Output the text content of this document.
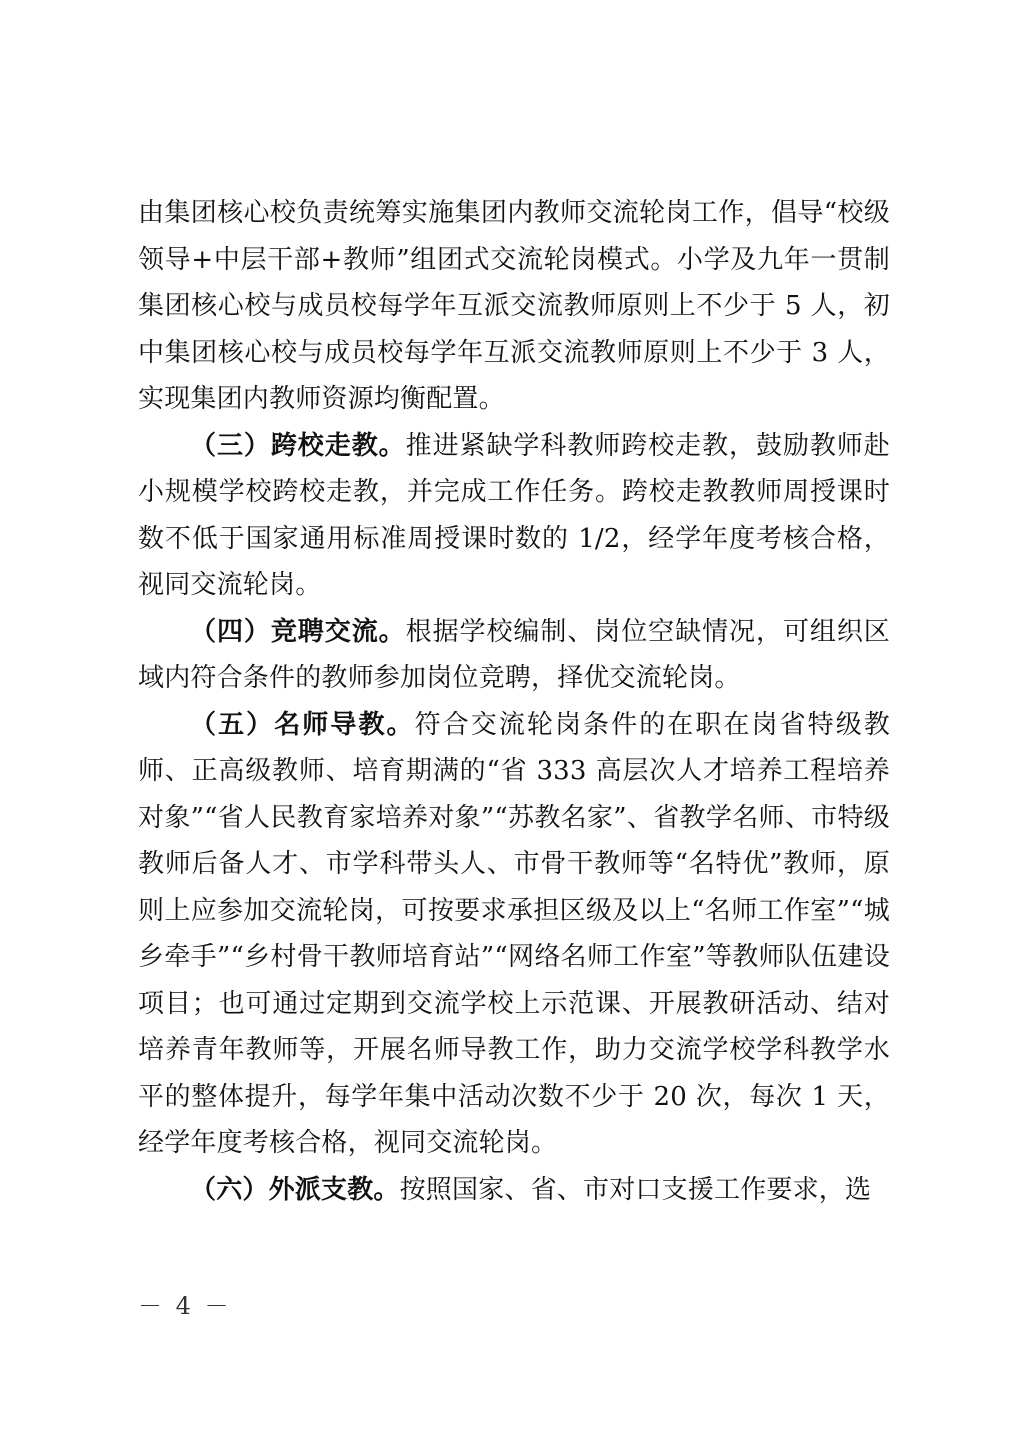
由集团核心校负责统筹实施集团内教师交流轮岗工作，倡导“校级领导+中层干部+教师”组团式交流轮岗模式。小学及九年一贯制集团核心校与成员校每学年互派交流教师原则上不少于 5 人，初中集团核心校与成员校每学年互派交流教师原则上不少于 3 人，实现集团内教师资源均衡配置。

（三）跨校走教。推进紧缺学科教师跨校走教，鼓励教师赴小规模学校跨校走教，并完成工作任务。跨校走教教师周授课时数不低于国家通用标准周授课时数的 1/2，经学年度考核合格，视同交流轮岗。

（四）竞聘交流。根据学校编制、岗位空缺情况，可组织区域内符合条件的教师参加岗位竞聘，择优交流轮岗。

（五）名师导教。符合交流轮岗条件的在职在岗省特级教师、正高级教师、培育期满的“省 333 高层次人才培养工程培养对象”“省人民教育家培养对象”“苏教名家”、省教学名师、市特级教师后备人才、市学科带头人、市骨干教师等“名特优”教师，原则上应参加交流轮岗，可按要求承担区级及以上“名师工作室”“城乡牵手”“乡村骨干教师培育站”“网络名师工作室”等教师队伍建设项目；也可通过定期到交流学校上示范课、开展教研活动、结对培养青年教师等，开展名师导教工作，助力交流学校学科教学水平的整体提升，每学年集中活动次数不少于 20 次，每次 1 天，经学年度考核合格，视同交流轮岗。

（六）外派支教。按照国家、省、市对口支援工作要求，选

－ 4 －
